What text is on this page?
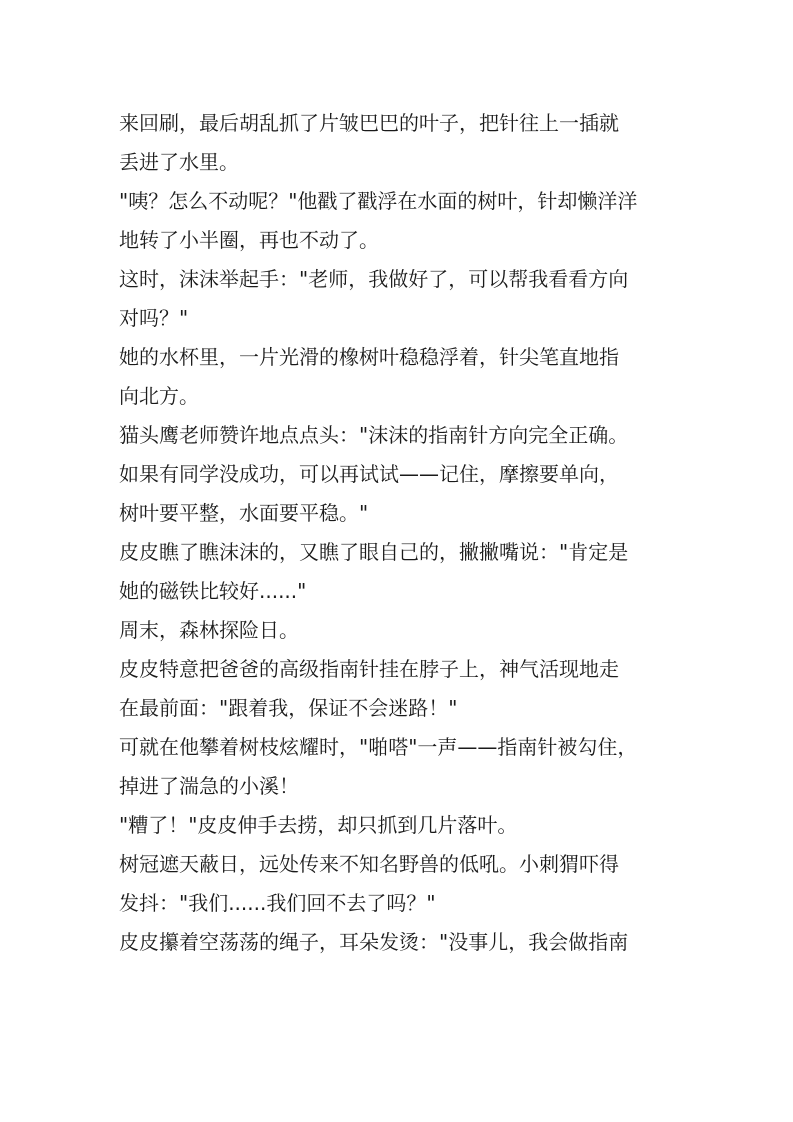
来回刷，最后胡乱抓了片皱巴巴的叶子，把针往上一插就
丢进了水里。
"咦？怎么不动呢？"他戳了戳浮在水面的树叶，针却懒洋洋
地转了小半圈，再也不动了。
这时，沫沫举起手："老师，我做好了，可以帮我看看方向
对吗？"
她的水杯里，一片光滑的橡树叶稳稳浮着，针尖笔直地指
向北方。
猫头鹰老师赞许地点点头："沫沫的指南针方向完全正确。
如果有同学没成功，可以再试试——记住，摩擦要单向，
树叶要平整，水面要平稳。"
皮皮瞧了瞧沫沫的，又瞧了眼自己的，撇撇嘴说："肯定是
她的磁铁比较好......"
周末，森林探险日。
皮皮特意把爸爸的高级指南针挂在脖子上，神气活现地走
在最前面："跟着我，保证不会迷路！"
可就在他攀着树枝炫耀时，"啪嗒"一声——指南针被勾住，
掉进了湍急的小溪！
"糟了！"皮皮伸手去捞，却只抓到几片落叶。
树冠遮天蔽日，远处传来不知名野兽的低吼。小刺猬吓得
发抖："我们......我们回不去了吗？"
皮皮攥着空荡荡的绳子，耳朵发烫："没事儿，我会做指南
